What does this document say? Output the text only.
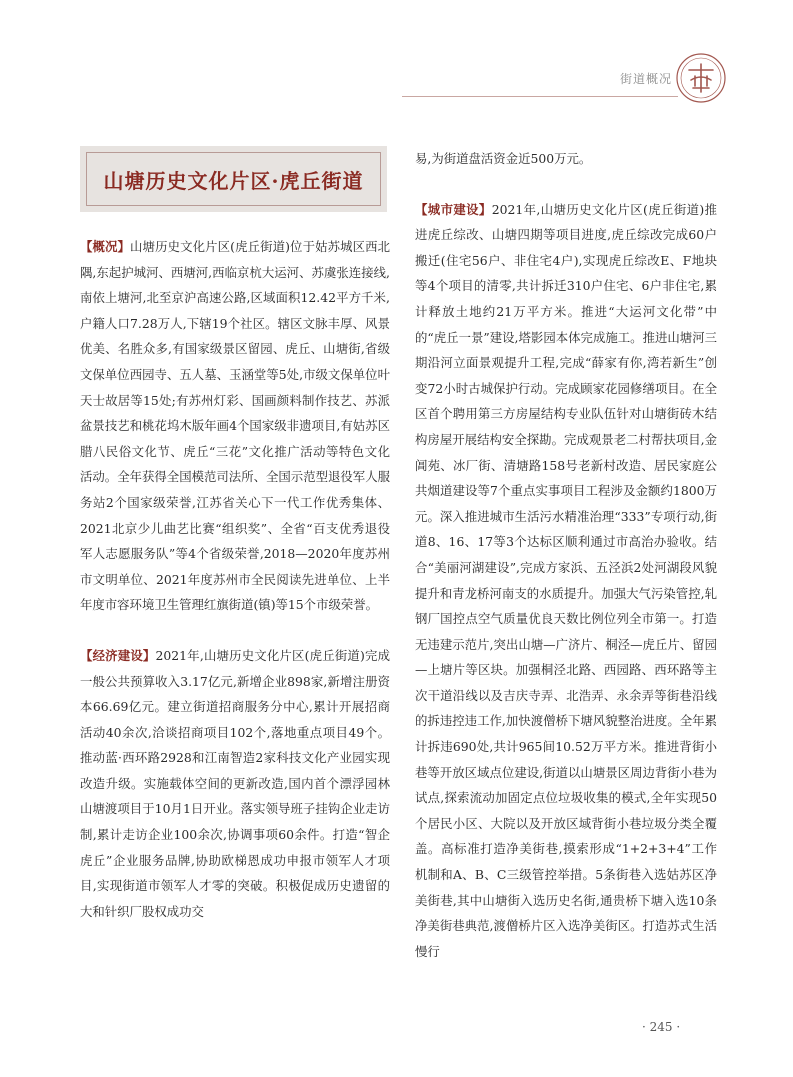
街道概况
山塘历史文化片区·虎丘街道

【概况】山塘历史文化片区(虎丘街道)位于姑苏城区西北隅,东起护城河、西塘河,西临京杭大运河、苏虞张连接线,南依上塘河,北至京沪高速公路,区域面积12.42平方千米,户籍人口7.28万人,下辖19个社区。辖区文脉丰厚、风景优美、名胜众多,有国家级景区留园、虎丘、山塘街,省级文保单位西园寺、五人墓、玉涵堂等5处,市级文保单位叶天士故居等15处;有苏州灯彩、国画颜料制作技艺、苏派盆景技艺和桃花坞木版年画4个国家级非遗项目,有姑苏区腊八民俗文化节、虎丘“三花”文化推广活动等特色文化活动。全年获得全国模范司法所、全国示范型退役军人服务站2个国家级荣誉,江苏省关心下一代工作优秀集体、2021北京少儿曲艺比赛“组织奖”、全省“百支优秀退役军人志愿服务队”等4个省级荣誉,2018—2020年度苏州市文明单位、2021年度苏州市全民阅读先进单位、上半年度市容环境卫生管理红旗街道(镇)等15个市级荣誉。

【经济建设】2021年,山塘历史文化片区(虎丘街道)完成一般公共预算收入3.17亿元,新增企业898家,新增注册资本66.69亿元。建立街道招商服务分中心,累计开展招商活动40余次,洽谈招商项目102个,落地重点项目49个。推动蓝·西环路2928和江南智造2家科技文化产业园实现改造升级。实施载体空间的更新改造,国内首个漂浮园林山塘渡项目于10月1日开业。落实领导班子挂钩企业走访制,累计走访企业100余次,协调事项60余件。打造“智企虎丘”企业服务品牌,协助欧梯恩成功申报市领军人才项目,实现街道市领军人才零的突破。积极促成历史遗留的大和针织厂股权成功交

易,为街道盘活资金近500万元。

【城市建设】2021年,山塘历史文化片区(虎丘街道)推进虎丘综改、山塘四期等项目进度,虎丘综改完成60户搬迁(住宅56户、非住宅4户),实现虎丘综改E、F地块等4个项目的清零,共计拆迁310户住宅、6户非住宅,累计释放土地约21万平方米。推进“大运河文化带”中的“虎丘一景”建设,塔影园本体完成施工。推进山塘河三期沿河立面景观提升工程,完成“薛家有你,湾若新生”创变72小时古城保护行动。完成顾家花园修缮项目。在全区首个聘用第三方房屋结构专业队伍针对山塘街砖木结构房屋开展结构安全探勘。完成观景老二村帮扶项目,金阊苑、冰厂街、清塘路158号老新村改造、居民家庭公共烟道建设等7个重点实事项目工程涉及金额约1800万元。深入推进城市生活污水精准治理“333”专项行动,街道8、16、17等3个达标区顺利通过市高治办验收。结合“美丽河湖建设”,完成方家浜、五泾浜2处河湖段风貌提升和青龙桥河南支的水质提升。加强大气污染管控,轧钢厂国控点空气质量优良天数比例位列全市第一。打造无违建示范片,突出山塘—广济片、桐泾—虎丘片、留园—上塘片等区块。加强桐泾北路、西园路、西环路等主次干道沿线以及吉庆寺弄、北浩弄、永余弄等街巷沿线的拆违控违工作,加快渡僧桥下塘风貌整治进度。全年累计拆违690处,共计965间10.52万平方米。推进背街小巷等开放区域点位建设,街道以山塘景区周边背街小巷为试点,探索流动加固定点位垃圾收集的模式,全年实现50个居民小区、大院以及开放区域背街小巷垃圾分类全覆盖。高标准打造净美街巷,摸索形成“1+2+3+4”工作机制和A、B、C三级管控举措。5条街巷入选姑苏区净美街巷,其中山塘街入选历史名街,通贵桥下塘入选10条净美街巷典范,渡僧桥片区入选净美街区。打造苏式生活慢行

· 245 ·
